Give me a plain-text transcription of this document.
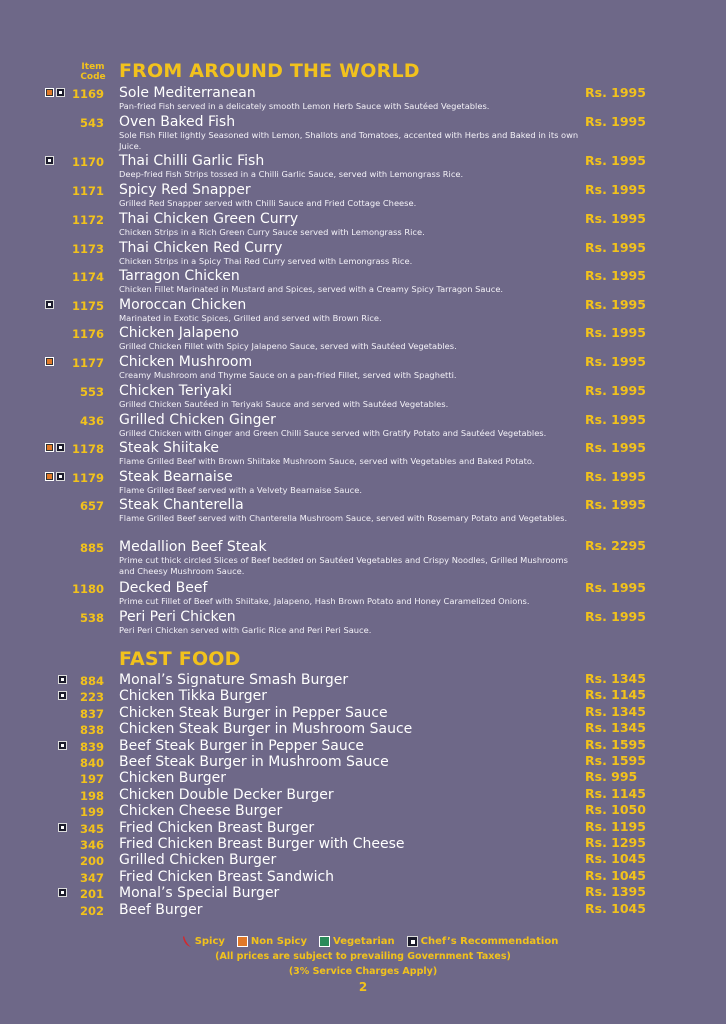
Item Code FROM AROUND THE WORLD
1169 Sole Mediterranean
Pan-fried Fish served in a delicately smooth Lemon Herb Sauce with Sautéed Vegetables.
Rs. 1995
543 Oven Baked Fish
Sole Fish Fillet lightly Seasoned with Lemon, Shallots and Tomatoes, accented with Herbs and Baked in its own Juice.
Rs. 1995
1170 Thai Chilli Garlic Fish
Deep-fried Fish Strips tossed in a Chilli Garlic Sauce, served with Lemongrass Rice.
Rs. 1995
1171 Spicy Red Snapper
Grilled Red Snapper served with Chilli Sauce and Fried Cottage Cheese.
Rs. 1995
1172 Thai Chicken Green Curry
Chicken Strips in a Rich Green Curry Sauce served with Lemongrass Rice.
Rs. 1995
1173 Thai Chicken Red Curry
Chicken Strips in a Spicy Thai Red Curry served with Lemongrass Rice.
Rs. 1995
1174 Tarragon Chicken
Chicken Fillet Marinated in Mustard and Spices, served with a Creamy Spicy Tarragon Sauce.
Rs. 1995
1175 Moroccan Chicken
Marinated in Exotic Spices, Grilled and served with Brown Rice.
Rs. 1995
1176 Chicken Jalapeno
Grilled Chicken Fillet with Spicy Jalapeno Sauce, served with Sautéed Vegetables.
Rs. 1995
1177 Chicken Mushroom
Creamy Mushroom and Thyme Sauce on a pan-fried Fillet, served with Spaghetti.
Rs. 1995
553 Chicken Teriyaki
Grilled Chicken Sautéed in Teriyaki Sauce and served with Sautéed Vegetables.
Rs. 1995
436 Grilled Chicken Ginger
Grilled Chicken with Ginger and Green Chilli Sauce served with Gratify Potato and Sautéed Vegetables.
Rs. 1995
1178 Steak Shiitake
Flame Grilled Beef with Brown Shiitake Mushroom Sauce, served with Vegetables and Baked Potato.
Rs. 1995
1179 Steak Bearnaise
Flame Grilled Beef served with a Velvety Bearnaise Sauce.
Rs. 1995
657 Steak Chanterella
Flame Grilled Beef served with Chanterella Mushroom Sauce, served with Rosemary Potato and Vegetables.
Rs. 1995
885 Medallion Beef Steak
Prime cut thick circled Slices of Beef bedded on Sautéed Vegetables and Crispy Noodles, Grilled Mushrooms and Cheesy Mushroom Sauce.
Rs. 2295
1180 Decked Beef
Prime cut Fillet of Beef with Shiitake, Jalapeno, Hash Brown Potato and Honey Caramelized Onions.
Rs. 1995
538 Peri Peri Chicken
Peri Peri Chicken served with Garlic Rice and Peri Peri Sauce.
Rs. 1995
FAST FOOD
884 Monal’s Signature Smash Burger	Rs. 1345
223 Chicken Tikka Burger	Rs. 1145
837 Chicken Steak Burger in Pepper Sauce	Rs. 1345
838 Chicken Steak Burger in Mushroom Sauce	Rs. 1345
839 Beef Steak Burger in Pepper Sauce	Rs. 1595
840 Beef Steak Burger in Mushroom Sauce	Rs. 1595
197 Chicken Burger	Rs. 995
198 Chicken Double Decker Burger	Rs. 1145
199 Chicken Cheese Burger	Rs. 1050
345 Fried Chicken Breast Burger	Rs. 1195
346 Fried Chicken Breast Burger with Cheese	Rs. 1295
200 Grilled Chicken Burger	Rs. 1045
347 Fried Chicken Breast Sandwich	Rs. 1045
201 Monal’s Special Burger	Rs. 1395
202 Beef Burger	Rs. 1045
Spicy	Non Spicy	Vegetarian	Chef’s Recommendation
(All prices are subject to prevailing Government Taxes)
(3% Service Charges Apply)
2
